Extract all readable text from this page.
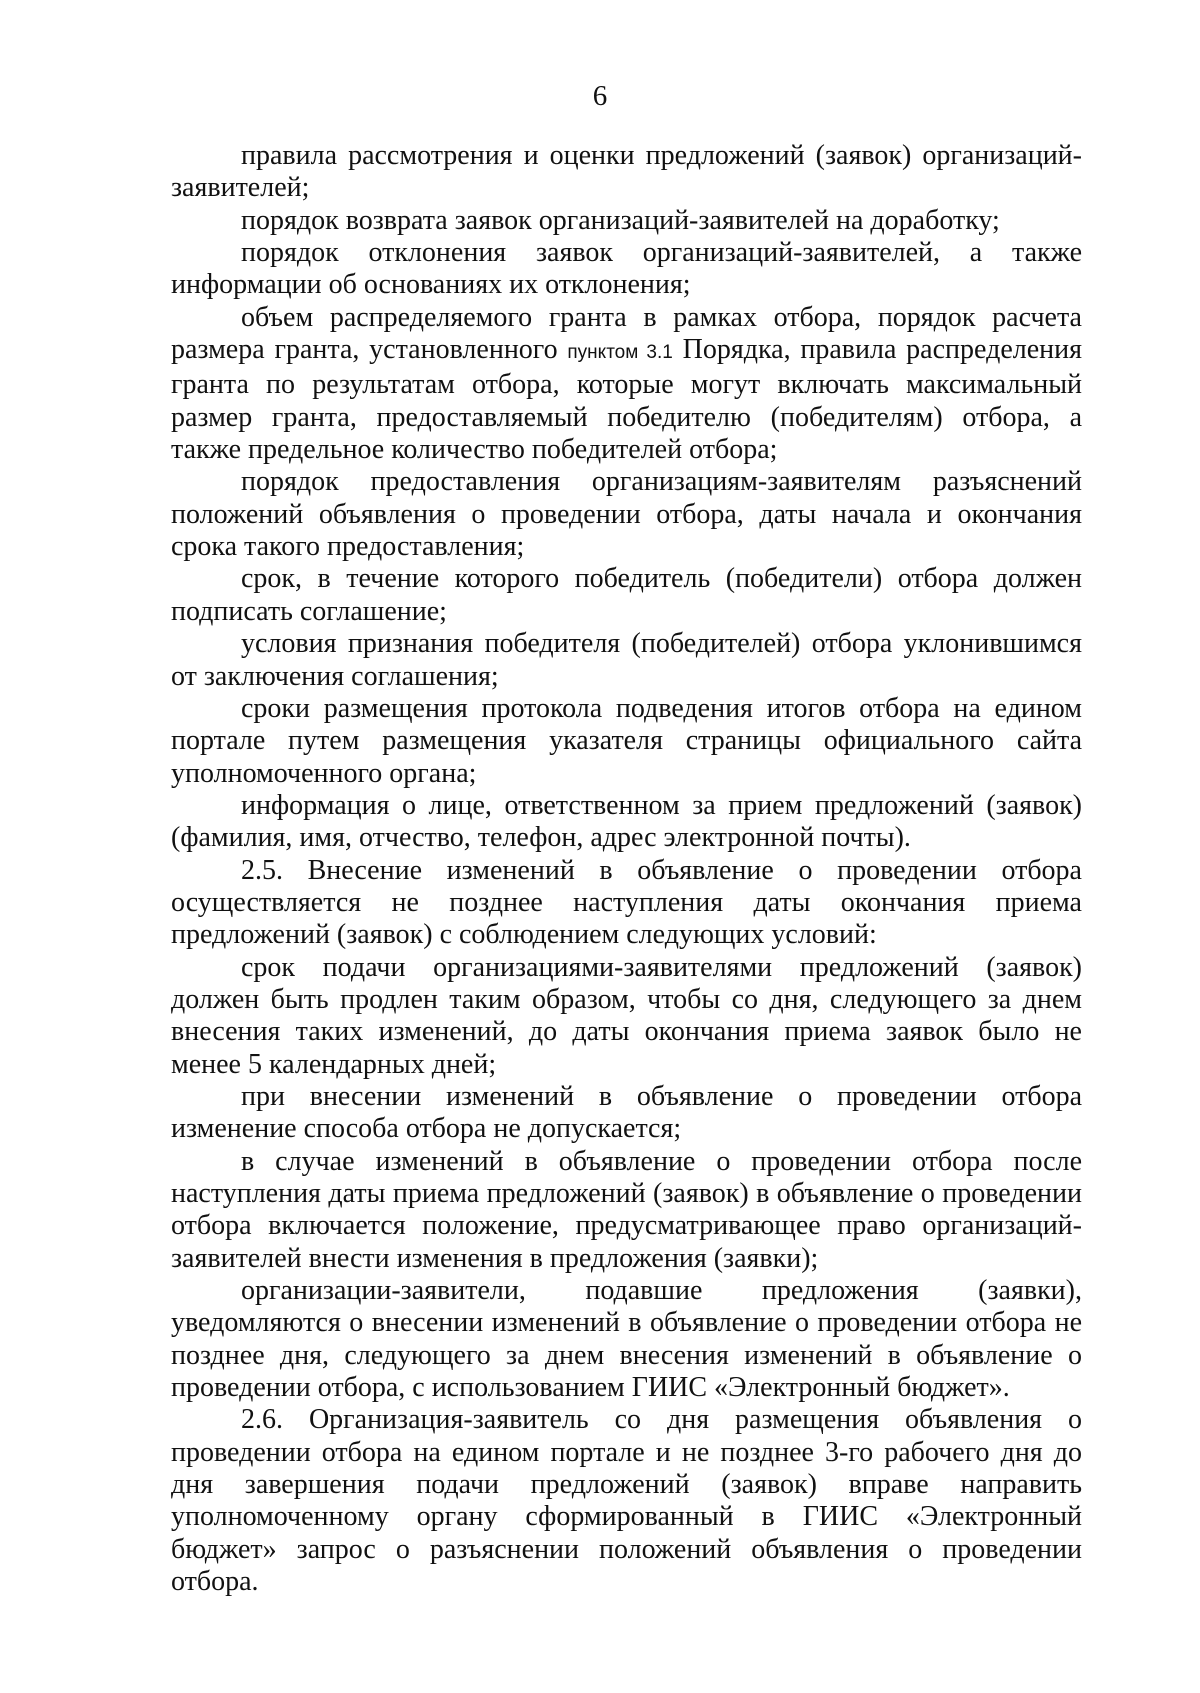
6

правила рассмотрения и оценки предложений (заявок) организаций-заявителей;

порядок возврата заявок организаций-заявителей на доработку;

порядок отклонения заявок организаций-заявителей, а также информации об основаниях их отклонения;

объем распределяемого гранта в рамках отбора, порядок расчета размера гранта, установленного пунктом 3.1 Порядка, правила распределения гранта по результатам отбора, которые могут включать максимальный размер гранта, предоставляемый победителю (победителям) отбора, а также предельное количество победителей отбора;

порядок предоставления организациям-заявителям разъяснений положений объявления о проведении отбора, даты начала и окончания срока такого предоставления;

срок, в течение которого победитель (победители) отбора должен подписать соглашение;

условия признания победителя (победителей) отбора уклонившимся от заключения соглашения;

сроки размещения протокола подведения итогов отбора на едином портале путем размещения указателя страницы официального сайта уполномоченного органа;

информация о лице, ответственном за прием предложений (заявок) (фамилия, имя, отчество, телефон, адрес электронной почты).

2.5. Внесение изменений в объявление о проведении отбора осуществляется не позднее наступления даты окончания приема предложений (заявок) с соблюдением следующих условий:

срок подачи организациями-заявителями предложений (заявок) должен быть продлен таким образом, чтобы со дня, следующего за днем внесения таких изменений, до даты окончания приема заявок было не менее 5 календарных дней;

при внесении изменений в объявление о проведении отбора изменение способа отбора не допускается;

в случае изменений в объявление о проведении отбора после наступления даты приема предложений (заявок) в объявление о проведении отбора включается положение, предусматривающее право организаций-заявителей внести изменения в предложения (заявки);

организации-заявители, подавшие предложения (заявки), уведомляются о внесении изменений в объявление о проведении отбора не позднее дня, следующего за днем внесения изменений в объявление о проведении отбора, с использованием ГИИС «Электронный бюджет».

2.6. Организация-заявитель со дня размещения объявления о проведении отбора на едином портале и не позднее 3-го рабочего дня до дня завершения подачи предложений (заявок) вправе направить уполномоченному органу сформированный в ГИИС «Электронный бюджет» запрос о разъяснении положений объявления о проведении отбора.
